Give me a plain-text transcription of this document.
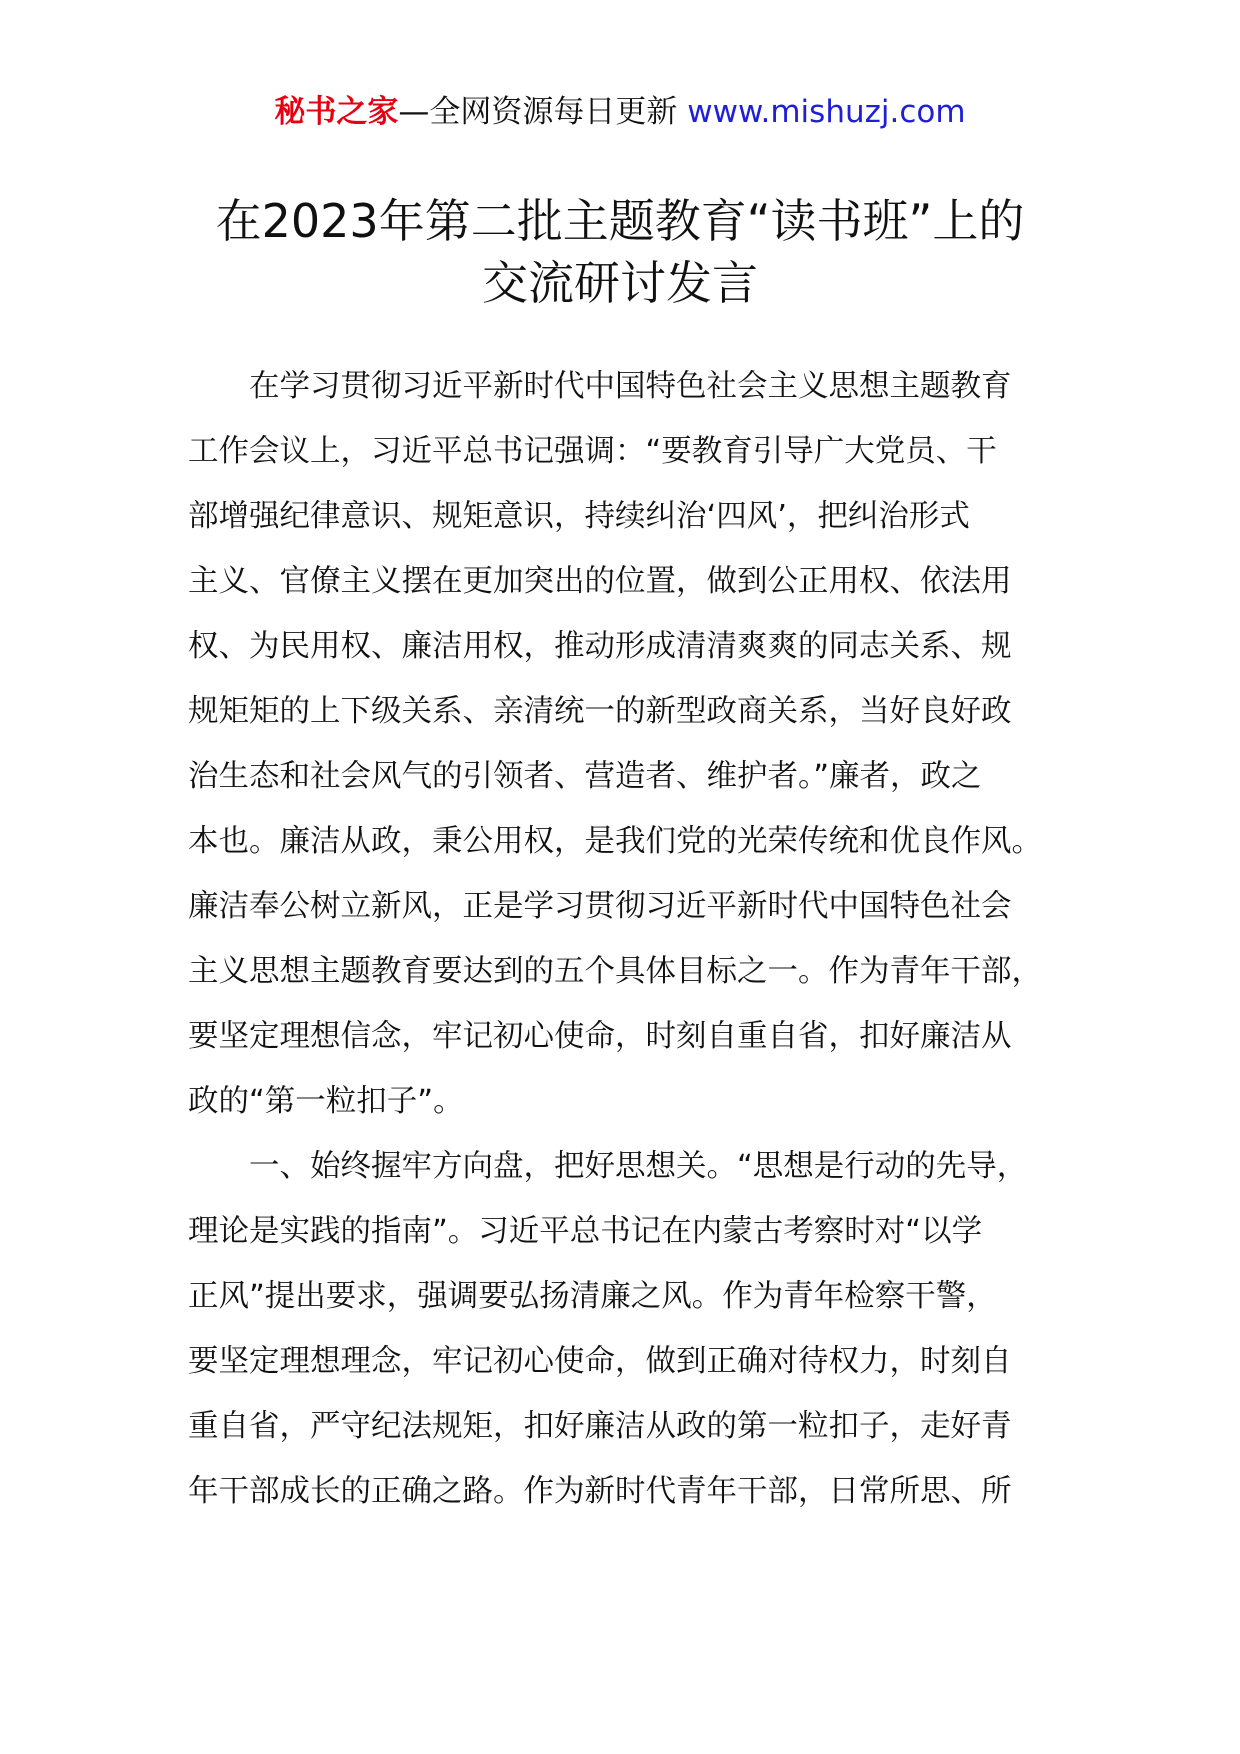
秘书之家—全网资源每日更新 www.mishuzj.com
在2023年第二批主题教育“读书班”上的
交流研讨发言
　　在学习贯彻习近平新时代中国特色社会主义思想主题教育
工作会议上，习近平总书记强调：“要教育引导广大党员、干
部增强纪律意识、规矩意识，持续纠治‘四风’，把纠治形式
主义、官僚主义摆在更加突出的位置，做到公正用权、依法用
权、为民用权、廉洁用权，推动形成清清爽爽的同志关系、规
规矩矩的上下级关系、亲清统一的新型政商关系，当好良好政
治生态和社会风气的引领者、营造者、维护者。”廉者，政之
本也。廉洁从政，秉公用权，是我们党的光荣传统和优良作风。
廉洁奉公树立新风，正是学习贯彻习近平新时代中国特色社会
主义思想主题教育要达到的五个具体目标之一。作为青年干部，
要坚定理想信念，牢记初心使命，时刻自重自省，扣好廉洁从
政的“第一粒扣子”。
　　一、始终握牢方向盘，把好思想关。“思想是行动的先导，
理论是实践的指南”。习近平总书记在内蒙古考察时对“以学
正风”提出要求，强调要弘扬清廉之风。作为青年检察干警，
要坚定理想理念，牢记初心使命，做到正确对待权力，时刻自
重自省，严守纪法规矩，扣好廉洁从政的第一粒扣子，走好青
年干部成长的正确之路。作为新时代青年干部，日常所思、所
